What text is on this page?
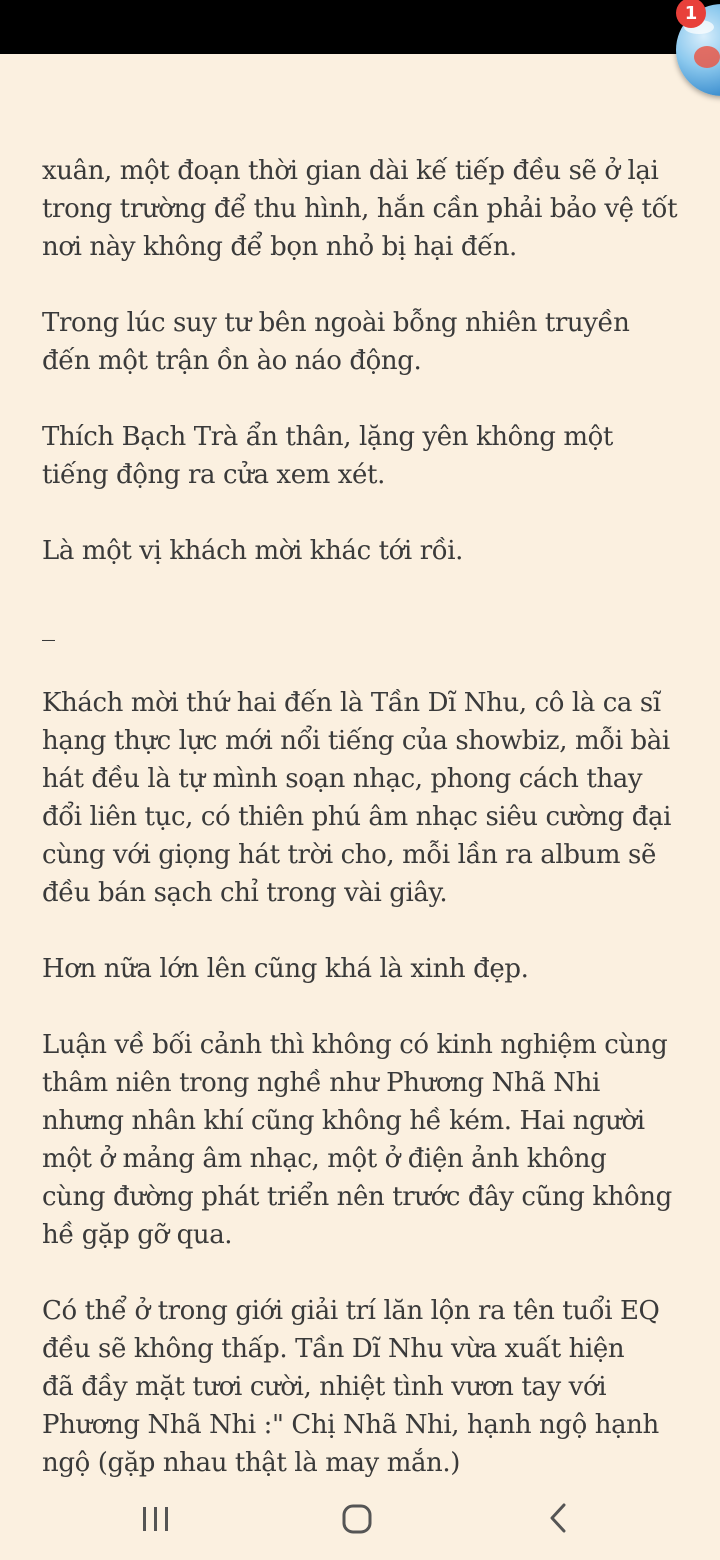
1

xuân, một đoạn thời gian dài kế tiếp đều sẽ ở lại
trong trường để thu hình, hắn cần phải bảo vệ tốt
nơi này không để bọn nhỏ bị hại đến.

Trong lúc suy tư bên ngoài bỗng nhiên truyền
đến một trận ồn ào náo động.

Thích Bạch Trà ẩn thân, lặng yên không một
tiếng động ra cửa xem xét.

Là một vị khách mời khác tới rồi.

_

Khách mời thứ hai đến là Tần Dĩ Nhu, cô là ca sĩ
hạng thực lực mới nổi tiếng của showbiz, mỗi bài
hát đều là tự mình soạn nhạc, phong cách thay
đổi liên tục, có thiên phú âm nhạc siêu cường đại
cùng với giọng hát trời cho, mỗi lần ra album sẽ
đều bán sạch chỉ trong vài giây.

Hơn nữa lớn lên cũng khá là xinh đẹp.

Luận về bối cảnh thì không có kinh nghiệm cùng
thâm niên trong nghề như Phương Nhã Nhi
nhưng nhân khí cũng không hề kém. Hai người
một ở mảng âm nhạc, một ở điện ảnh không
cùng đường phát triển nên trước đây cũng không
hề gặp gỡ qua.

Có thể ở trong giới giải trí lăn lộn ra tên tuổi EQ
đều sẽ không thấp. Tần Dĩ Nhu vừa xuất hiện
đã đầy mặt tươi cười, nhiệt tình vươn tay với
Phương Nhã Nhi :" Chị Nhã Nhi, hạnh ngộ hạnh
ngộ (gặp nhau thật là may mắn.)
